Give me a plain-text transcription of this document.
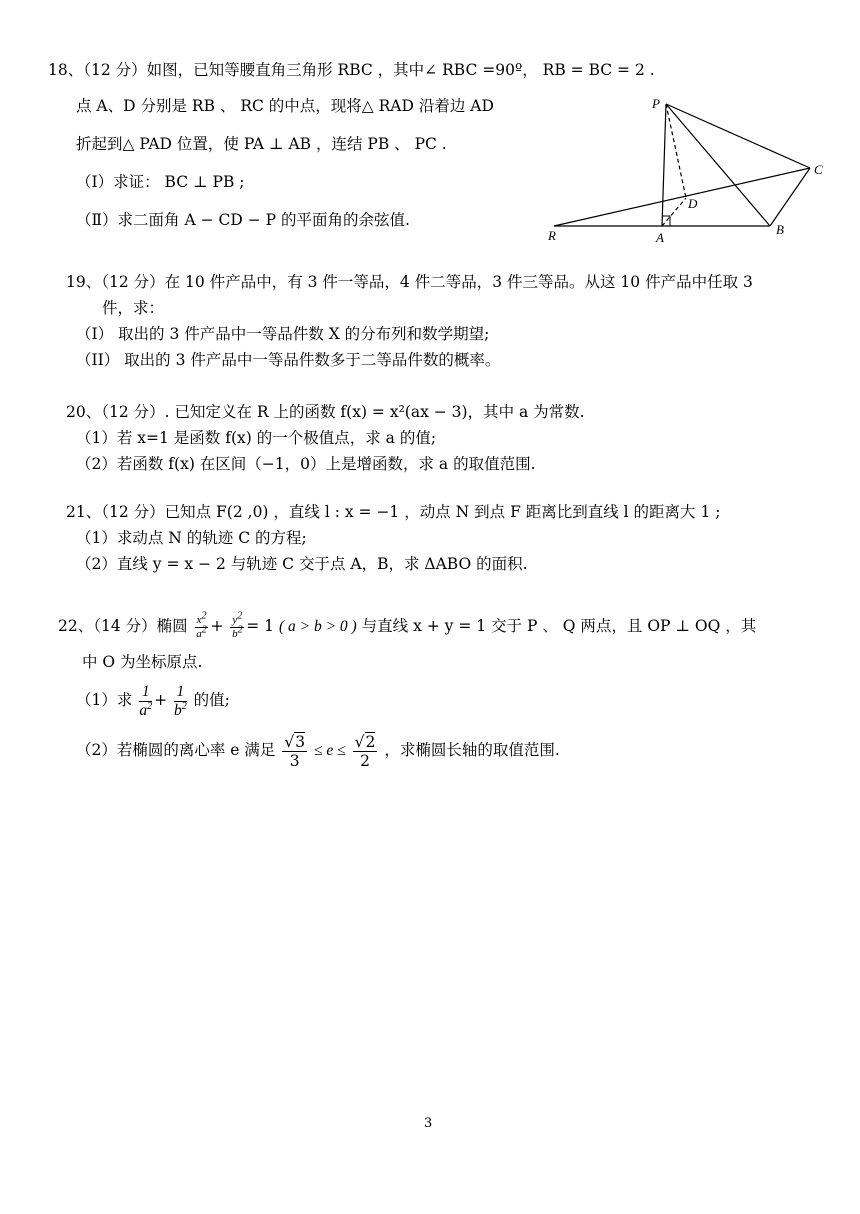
18、（12 分）如图，已知等腰直角三角形 RBC ，其中∠ RBC =90º， RB = BC = 2 .
点 A、D 分别是 RB 、 RC 的中点，现将△ RAD 沿着边 AD
折起到△ PAD 位置，使 PA ⊥ AB ，连结 PB 、 PC .
（I）求证： BC ⊥ PB ;
（Ⅱ）求二面角 A − CD − P 的平面角的余弦值.
P
C
D
R	A
B
19、（12 分）在 10 件产品中，有 3 件一等品，4 件二等品，3 件三等品。从这 10 件产品中任取 3
件，求：
（I） 取出的 3 件产品中一等品件数 X 的分布列和数学期望;
（II） 取出的 3 件产品中一等品件数多于二等品件数的概率。
20、（12 分）. 已知定义在 R 上的函数 f(x) = x²(ax − 3)，其中 a 为常数.
（1）若 x=1 是函数 f(x) 的一个极值点，求 a 的值;
（2）若函数 f(x) 在区间（−1，0）上是增函数，求 a 的取值范围.
21、（12 分）已知点 F(2 ,0) ，直线 l : x = −1 ，动点 N 到点 F 距离比到直线 l 的距离大 1 ;
（1）求动点 N 的轨迹 C 的方程;
（2）直线 y = x − 2 与轨迹 C 交于点 A，B，求 ΔABO 的面积.
22、（14 分）椭圆 $\frac{x^2}{a^2} + \frac{y^2}{b^2} = 1$ ( a > b > 0 ) 与直线 x + y = 1 交于 P 、 Q 两点，且 OP ⊥ OQ ，其
中 O 为坐标原点.
（1）求 $\frac{1}{a^2} + \frac{1}{b^2}$ 的值;
（2）若椭圆的离心率 e 满足 $\frac{√3}{3} \le e \le \frac{√2}{2}$ ，求椭圆长轴的取值范围.
3
